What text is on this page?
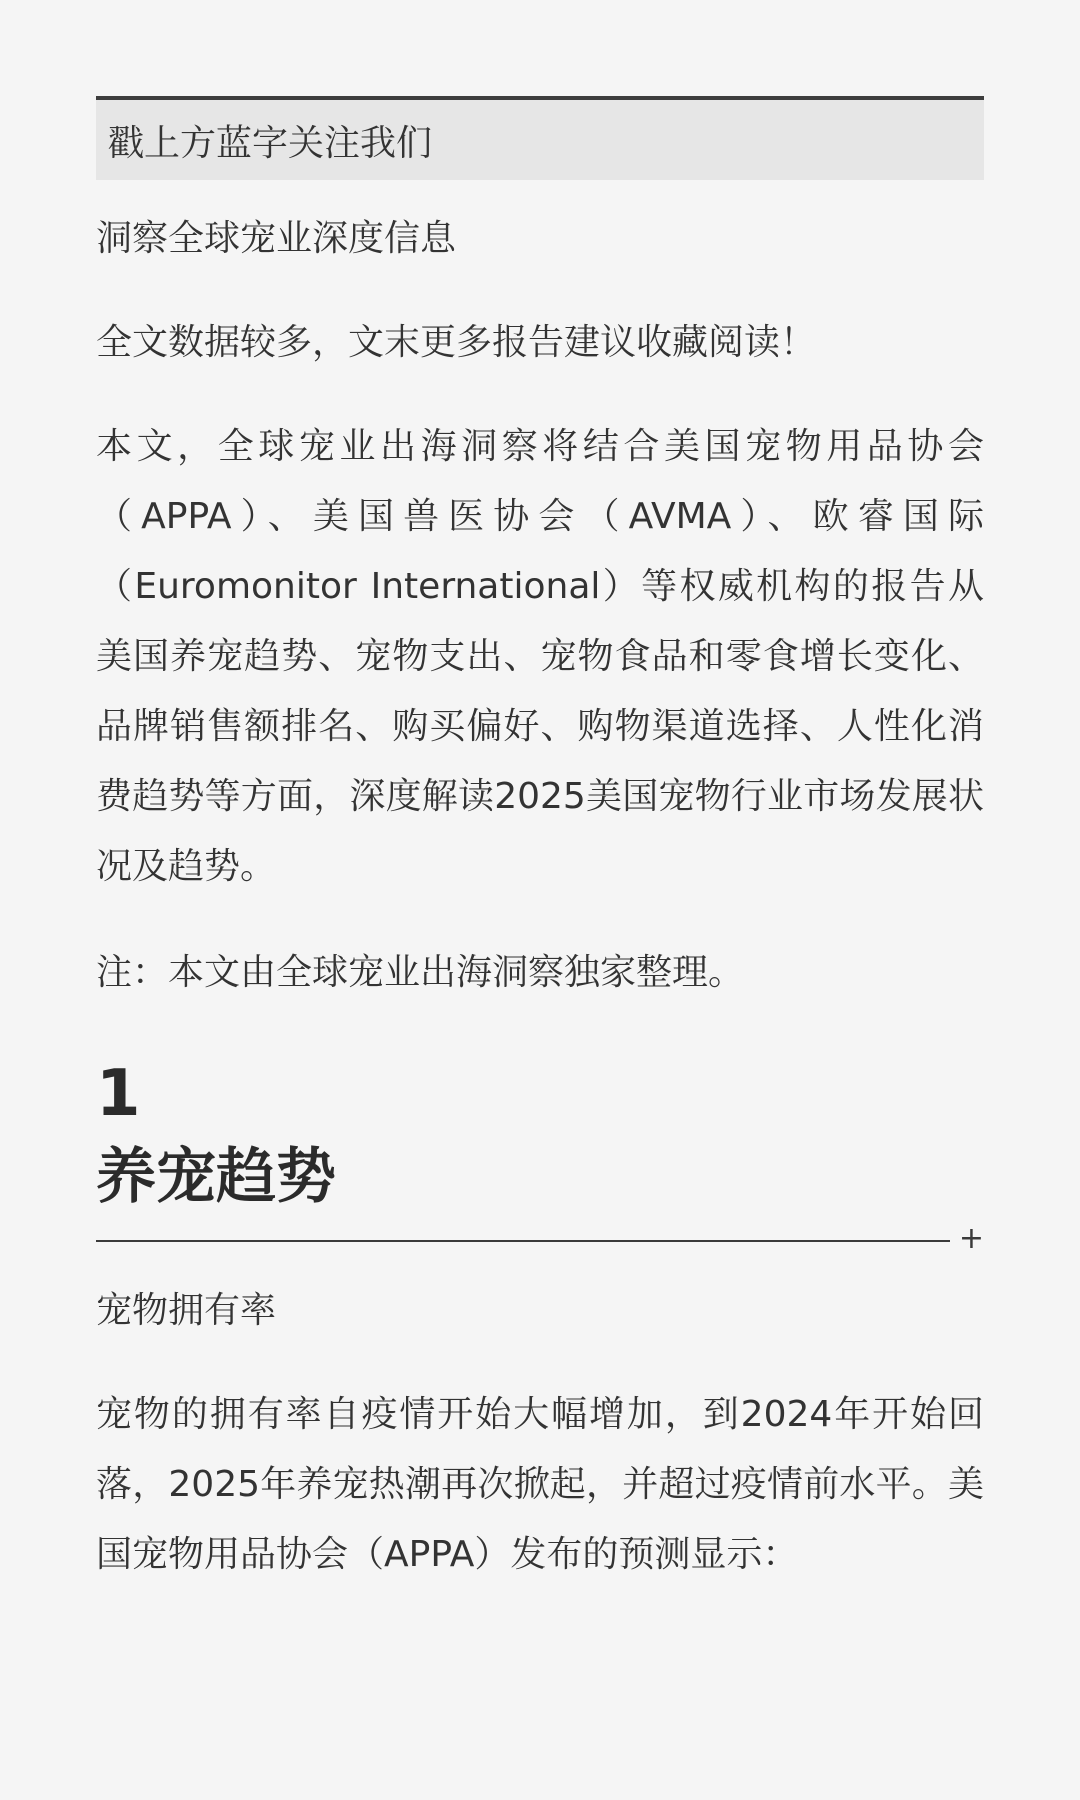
戳上方蓝字关注我们

洞察全球宠业深度信息

全文数据较多，文末更多报告建议收藏阅读！

本文，全球宠业出海洞察将结合美国宠物用品协会（APPA）、美国兽医协会（AVMA）、欧睿国际（Euromonitor International）等权威机构的报告从美国养宠趋势、宠物支出、宠物食品和零食增长变化、品牌销售额排名、购买偏好、购物渠道选择、人性化消费趋势等方面，深度解读2025美国宠物行业市场发展状况及趋势。

注：本文由全球宠业出海洞察独家整理。

1
养宠趋势
+

宠物拥有率

宠物的拥有率自疫情开始大幅增加，到2024年开始回落，2025年养宠热潮再次掀起，并超过疫情前水平。美国宠物用品协会（APPA）发布的预测显示：
